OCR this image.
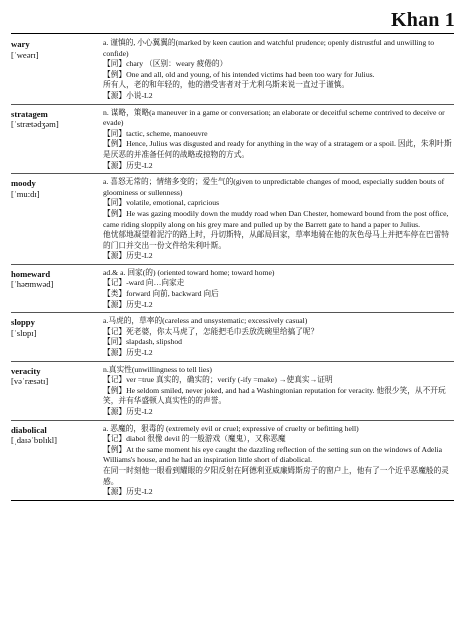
Khan 1
wary
[ˈweərɪ]
a. 谨慎的, 小心翼翼的(marked by keen caution and watchful prudence; openly distrustful and unwilling to confide)
【同】chary （区别：weary 疲倦的）
【例】One and all, old and young, of his intended victims had been too wary for Julius.
所有人，老的和年轻的，他的潜受害者对于尤利乌斯来说一直过于谨慎。
【源】小说-L2
stratagem
[ˈstrætədʒəm]
n. 谋略，策略(a maneuver in a game or conversation; an elaborate or deceitful scheme contrived to deceive or evade)
【同】tactic, scheme, manoeuvre
【例】Hence, Julius was disgusted and ready for anything in the way of a stratagem or a spoil. 因此，朱利叶斯是厌恶的并准备任何的战略或掠物的方式。
【源】历史-L2
moody
[ˈmu:dɪ]
a. 喜怒无常的；情绪多变的；爱生气的(given to unpredictable changes of mood, especially sudden bouts of gloominess or sullenness)
【同】volatile, emotional, capricious
【例】He was gazing moodily down the muddy road when Dan Chester, homeward bound from the post office, came riding sloppily along on his grey mare and pulled up by the Barrett gate to hand a paper to Julius.
他忧郁地凝望着泥泞的路上时，丹切斯特，从邮局回家，草率地骑在他的灰色母马上并把车停在巴雷特的门口并交出一份文件给朱利叶斯。
【源】历史-L2
homeward
[ˈhəʊmwəd]
ad.& a. 回家(的) (oriented toward home; toward home)
【记】-ward 向…向家走
【类】forward 向前, backward 向后
【源】历史-L2
sloppy
[ˈslɒpɪ]
a.马虎的，草率的(careless and unsystematic; excessively casual)
【记】死老婆，你太马虎了，怎能把毛巾丢放洗碗里给搞了呢？
【同】slapdash, slipshod
【源】历史-L2
veracity
[vəˈræsətɪ]
n.真实性(unwillingness to tell lies)
【记】ver =true 真实的，确实的；verify (-ify =make) →使真实→证明
【例】He seldom smiled, never joked, and had a Washingtonian reputation for veracity. 他很少笑，从不开玩笑，并有华盛顿人真实性的的声誉。
【源】历史-L2
diabolical
[ˌdaɪəˈbɒlɪkl]
a. 恶魔的，狠毒的 (extremely evil or cruel; expressive of cruelty or befitting hell)
【记】diabol 很像 devil 的一般游戏（魔鬼），又称恶魔
【例】At the same moment his eye caught the dazzling reflection of the setting sun on the windows of Adelia Williams's house, and he had an inspiration little short of diabolical.
在同一时刻他一眼看到耀眼的夕阳反射在阿德利亚威廉姆斯房子的窗户上，他有了一个近乎恶魔般的灵感。
【源】历史-L2
